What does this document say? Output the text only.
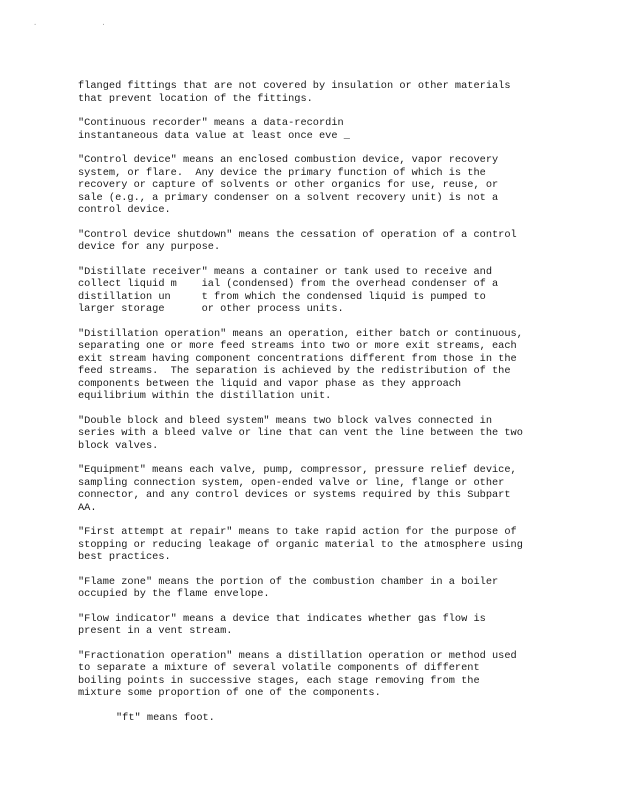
. .

flanged fittings that are not covered by insulation or other materials
that prevent location of the fittings.

"Continuous recorder" means a data-recordin
instantaneous data value at least once eve _

"Control device" means an enclosed combustion device, vapor recovery
system, or flare.  Any device the primary function of which is the
recovery or capture of solvents or other organics for use, reuse, or
sale (e.g., a primary condenser on a solvent recovery unit) is not a
control device.

"Control device shutdown" means the cessation of operation of a control
device for any purpose.

"Distillate receiver" means a container or tank used to receive and
collect liquid m    ial (condensed) from the overhead condenser of a
distillation un     t from which the condensed liquid is pumped to
larger storage      or other process units.

"Distillation operation" means an operation, either batch or continuous,
separating one or more feed streams into two or more exit streams, each
exit stream having component concentrations different from those in the
feed streams.  The separation is achieved by the redistribution of the
components between the liquid and vapor phase as they approach
equilibrium within the distillation unit.

"Double block and bleed system" means two block valves connected in
series with a bleed valve or line that can vent the line between the two
block valves.

"Equipment" means each valve, pump, compressor, pressure relief device,
sampling connection system, open-ended valve or line, flange or other
connector, and any control devices or systems required by this Subpart
AA.

"First attempt at repair" means to take rapid action for the purpose of
stopping or reducing leakage of organic material to the atmosphere using
best practices.

"Flame zone" means the portion of the combustion chamber in a boiler
occupied by the flame envelope.

"Flow indicator" means a device that indicates whether gas flow is
present in a vent stream.

"Fractionation operation" means a distillation operation or method used
to separate a mixture of several volatile components of different
boiling points in successive stages, each stage removing from the
mixture some proportion of one of the components.

"ft" means foot.
